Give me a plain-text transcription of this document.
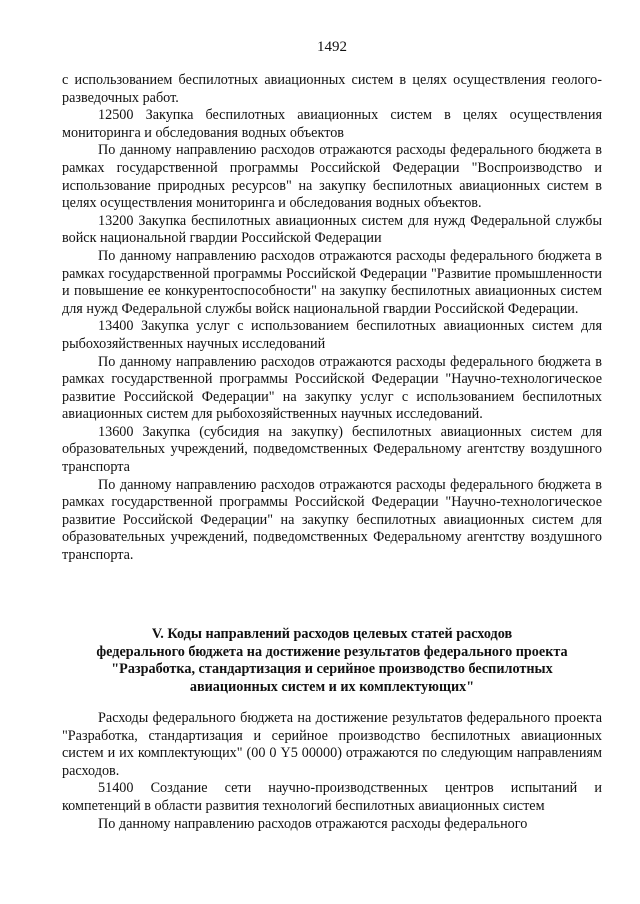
1492

с использованием беспилотных авиационных систем в целях осуществления геолого-разведочных работ.

12500 Закупка беспилотных авиационных систем в целях осуществления мониторинга и обследования водных объектов

По данному направлению расходов отражаются расходы федерального бюджета в рамках государственной программы Российской Федерации "Воспроизводство и использование природных ресурсов" на закупку беспилотных авиационных систем в целях осуществления мониторинга и обследования водных объектов.

13200 Закупка беспилотных авиационных систем для нужд Федеральной службы войск национальной гвардии Российской Федерации

По данному направлению расходов отражаются расходы федерального бюджета в рамках государственной программы Российской Федерации "Развитие промышленности и повышение ее конкурентоспособности" на закупку беспилотных авиационных систем для нужд Федеральной службы войск национальной гвардии Российской Федерации.

13400 Закупка услуг с использованием беспилотных авиационных систем для рыбохозяйственных научных исследований

По данному направлению расходов отражаются расходы федерального бюджета в рамках государственной программы Российской Федерации "Научно-технологическое развитие Российской Федерации" на закупку услуг с использованием беспилотных авиационных систем для рыбохозяйственных научных исследований.

13600 Закупка (субсидия на закупку) беспилотных авиационных систем для образовательных учреждений, подведомственных Федеральному агентству воздушного транспорта

По данному направлению расходов отражаются расходы федерального бюджета в рамках государственной программы Российской Федерации "Научно-технологическое развитие Российской Федерации" на закупку беспилотных авиационных систем для образовательных учреждений, подведомственных Федеральному агентству воздушного транспорта.

V. Коды направлений расходов целевых статей расходов
федерального бюджета на достижение результатов федерального проекта
"Разработка, стандартизация и серийное производство беспилотных
авиационных систем и их комплектующих"

Расходы федерального бюджета на достижение результатов федерального проекта "Разработка, стандартизация и серийное производство беспилотных авиационных систем и их комплектующих" (00 0 Y5 00000) отражаются по следующим направлениям расходов.

51400 Создание сети научно-производственных центров испытаний и компетенций в области развития технологий беспилотных авиационных систем

По данному направлению расходов отражаются расходы федерального
